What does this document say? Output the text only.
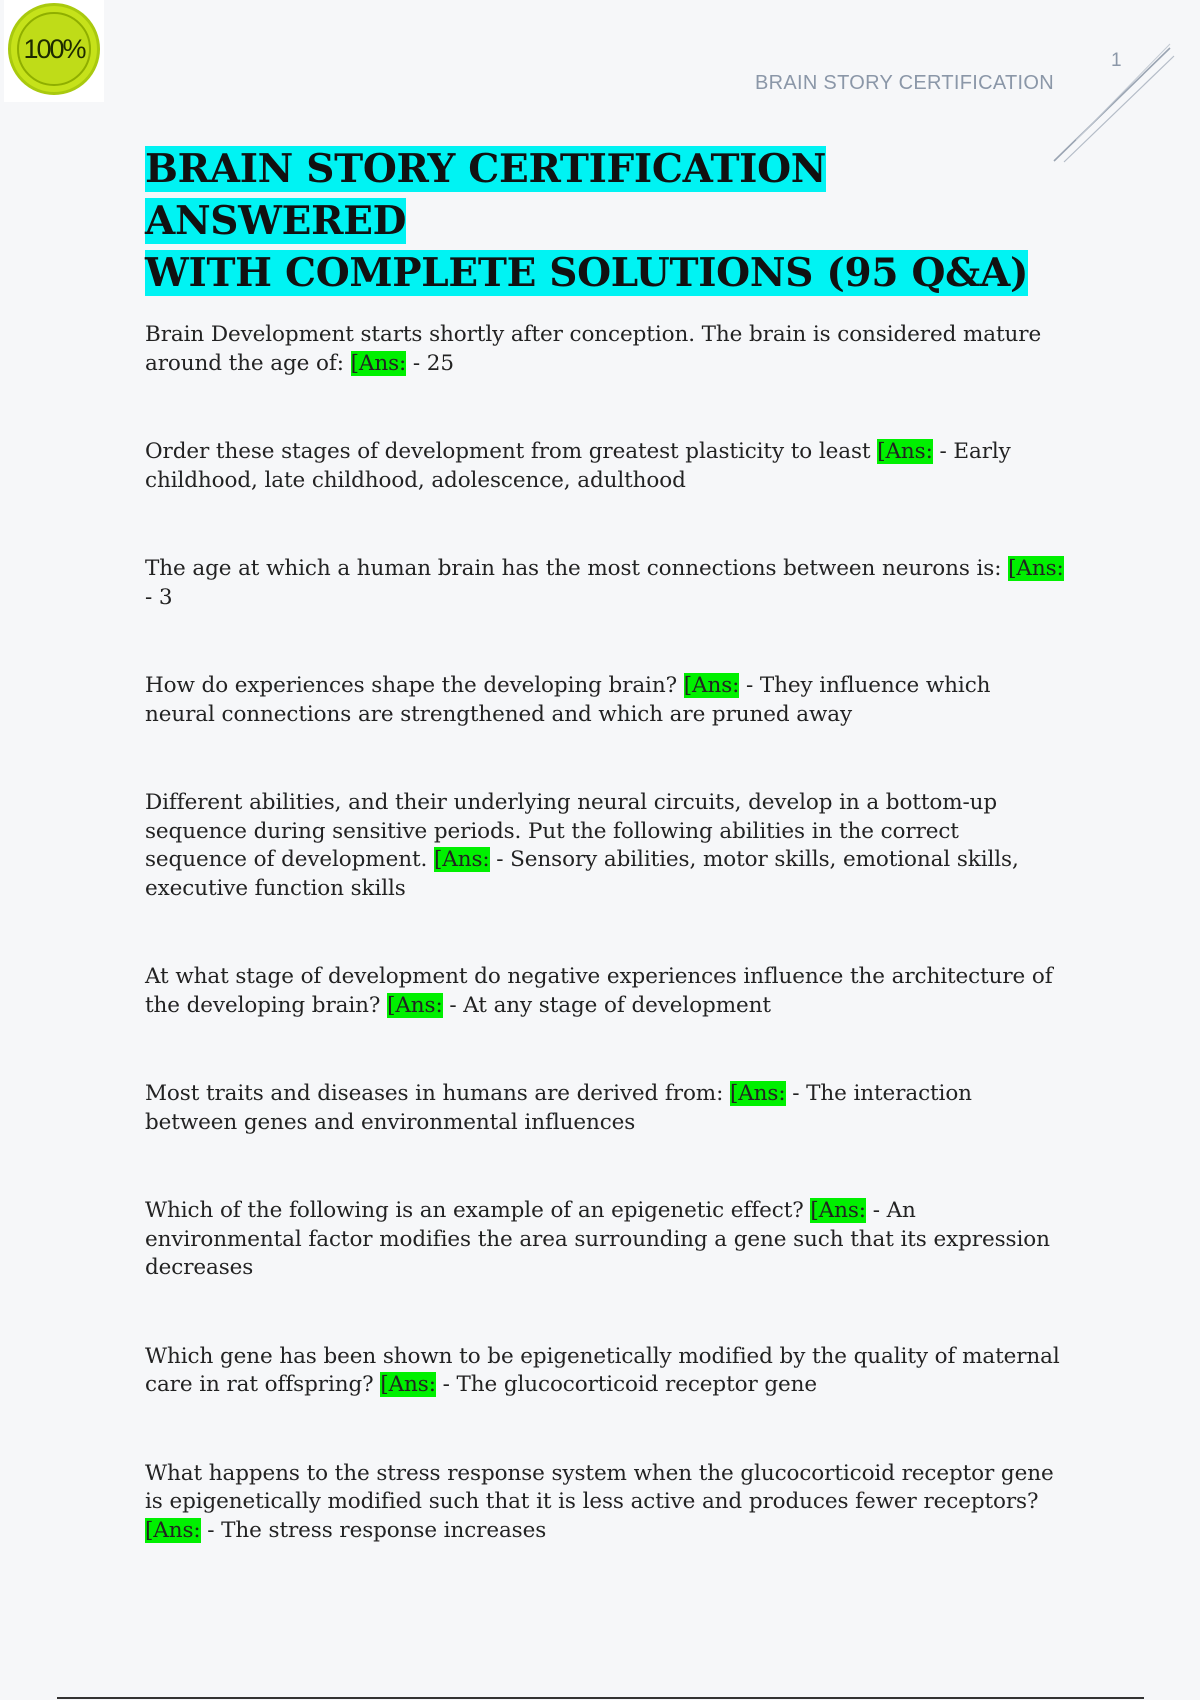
100%
BRAIN STORY CERTIFICATION
1
BRAIN STORY CERTIFICATION ANSWERED
WITH COMPLETE SOLUTIONS (95 Q&A)

Brain Development starts shortly after conception. The brain is considered mature around the age of: [Ans: - 25

Order these stages of development from greatest plasticity to least [Ans: - Early childhood, late childhood, adolescence, adulthood

The age at which a human brain has the most connections between neurons is: [Ans: - 3

How do experiences shape the developing brain? [Ans: - They influence which neural connections are strengthened and which are pruned away

Different abilities, and their underlying neural circuits, develop in a bottom-up sequence during sensitive periods. Put the following abilities in the correct sequence of development. [Ans: - Sensory abilities, motor skills, emotional skills, executive function skills

At what stage of development do negative experiences influence the architecture of the developing brain? [Ans: - At any stage of development

Most traits and diseases in humans are derived from: [Ans: - The interaction between genes and environmental influences

Which of the following is an example of an epigenetic effect? [Ans: - An environmental factor modifies the area surrounding a gene such that its expression decreases

Which gene has been shown to be epigenetically modified by the quality of maternal care in rat offspring? [Ans: - The glucocorticoid receptor gene

What happens to the stress response system when the glucocorticoid receptor gene is epigenetically modified such that it is less active and produces fewer receptors? [Ans: - The stress response increases
